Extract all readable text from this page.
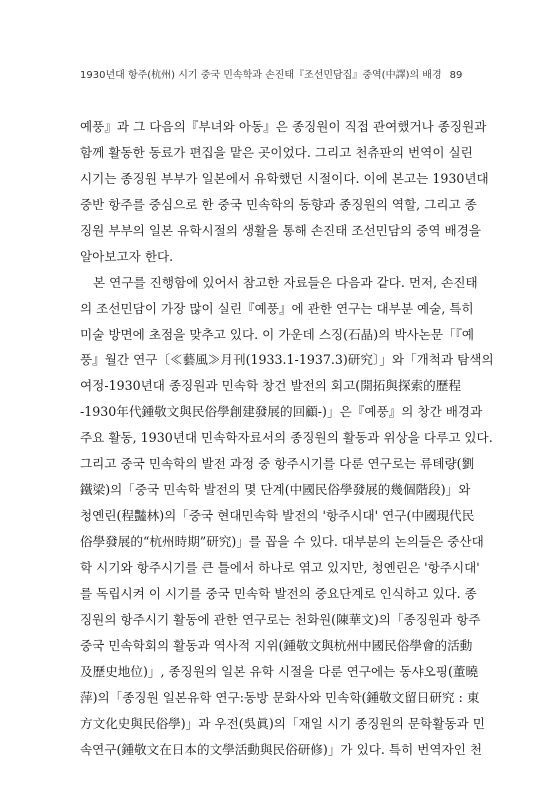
1930년대 항주(杭州) 시기 중국 민속학과 손진태『조선민담집』중역(中譯)의 배경 89
예풍』과 그 다음의『부녀와 아동』은 종징원이 직접 관여했거나 종징원과
함께 활동한 동료가 편집을 맡은 곳이었다. 그리고 천츄판의 번역이 실린
시기는 종징원 부부가 일본에서 유학했던 시절이다. 이에 본고는 1930년대
중반 항주를 중심으로 한 중국 민속학의 동향과 종징원의 역할, 그리고 종
징원 부부의 일본 유학시절의 생활을 통해 손진태 조선민담의 중역 배경을
알아보고자 한다.
본 연구를 진행함에 있어서 참고한 자료들은 다음과 같다. 먼저, 손진태
의 조선민담이 가장 많이 실린『예풍』에 관한 연구는 대부분 예술, 특히
미술 방면에 초점을 맞추고 있다. 이 가운데 스징(石晶)의 박사논문「『예
풍』월간 연구〔≪藝風≫月刊(1933.1-1937.3)研究〕」와「개척과 탐색의
여정-1930년대 종징원과 민속학 창건 발전의 회고(開拓與探索的歷程
-1930年代鍾敬文與民俗學創建發展的回顧-)」은『예풍』의 창간 배경과
주요 활동, 1930년대 민속학자료서의 종징원의 활동과 위상을 다루고 있다.
그리고 중국 민속학의 발전 과정 중 항주시기를 다룬 연구로는 류톄량(劉
鐵梁)의「중국 민속학 발전의 몇 단계(中國民俗學發展的幾個階段)」와
청옌린(程豔林)의「중국 현대민속학 발전의 '항주시대' 연구(中國現代民
俗學發展的“杭州時期”研究)」를 꼽을 수 있다. 대부분의 논의들은 중산대
학 시기와 항주시기를 큰 틀에서 하나로 엮고 있지만, 청옌린은 '항주시대'
를 독립시켜 이 시기를 중국 민속학 발전의 중요단계로 인식하고 있다. 종
징원의 항주시기 활동에 관한 연구로는 천화원(陳華文)의「종징원과 항주
중국 민속학회의 활동과 역사적 지위(鍾敬文與杭州中國民俗學會的活動
及歷史地位)」, 종징원의 일본 유학 시절을 다룬 연구에는 동샤오핑(董曉
萍)의「종징원 일본유학 연구:동방 문화사와 민속학(鍾敬文留日研究 : 東
方文化史與民俗學)」과 우전(吳眞)의「재일 시기 종징원의 문학활동과 민
속연구(鍾敬文在日本的文學活動與民俗研修)」가 있다. 특히 번역자인 천
